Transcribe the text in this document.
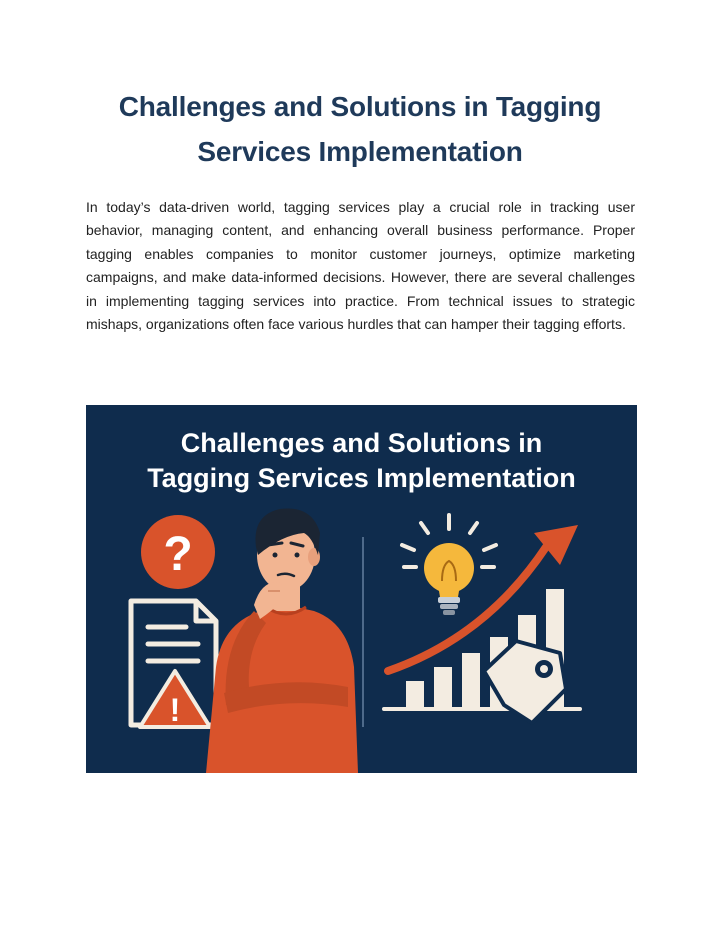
Challenges and Solutions in Tagging
Services Implementation

In today’s data-driven world, tagging services play a crucial role in tracking user behavior, managing content, and enhancing overall business performance. Proper tagging enables companies to monitor customer journeys, optimize marketing campaigns, and make data-informed decisions. However, there are several challenges in implementing tagging services into practice. From technical issues to strategic mishaps, organizations often face various hurdles that can hamper their tagging efforts.

?
!
Challenges and Solutions in
Tagging Services Implementation
